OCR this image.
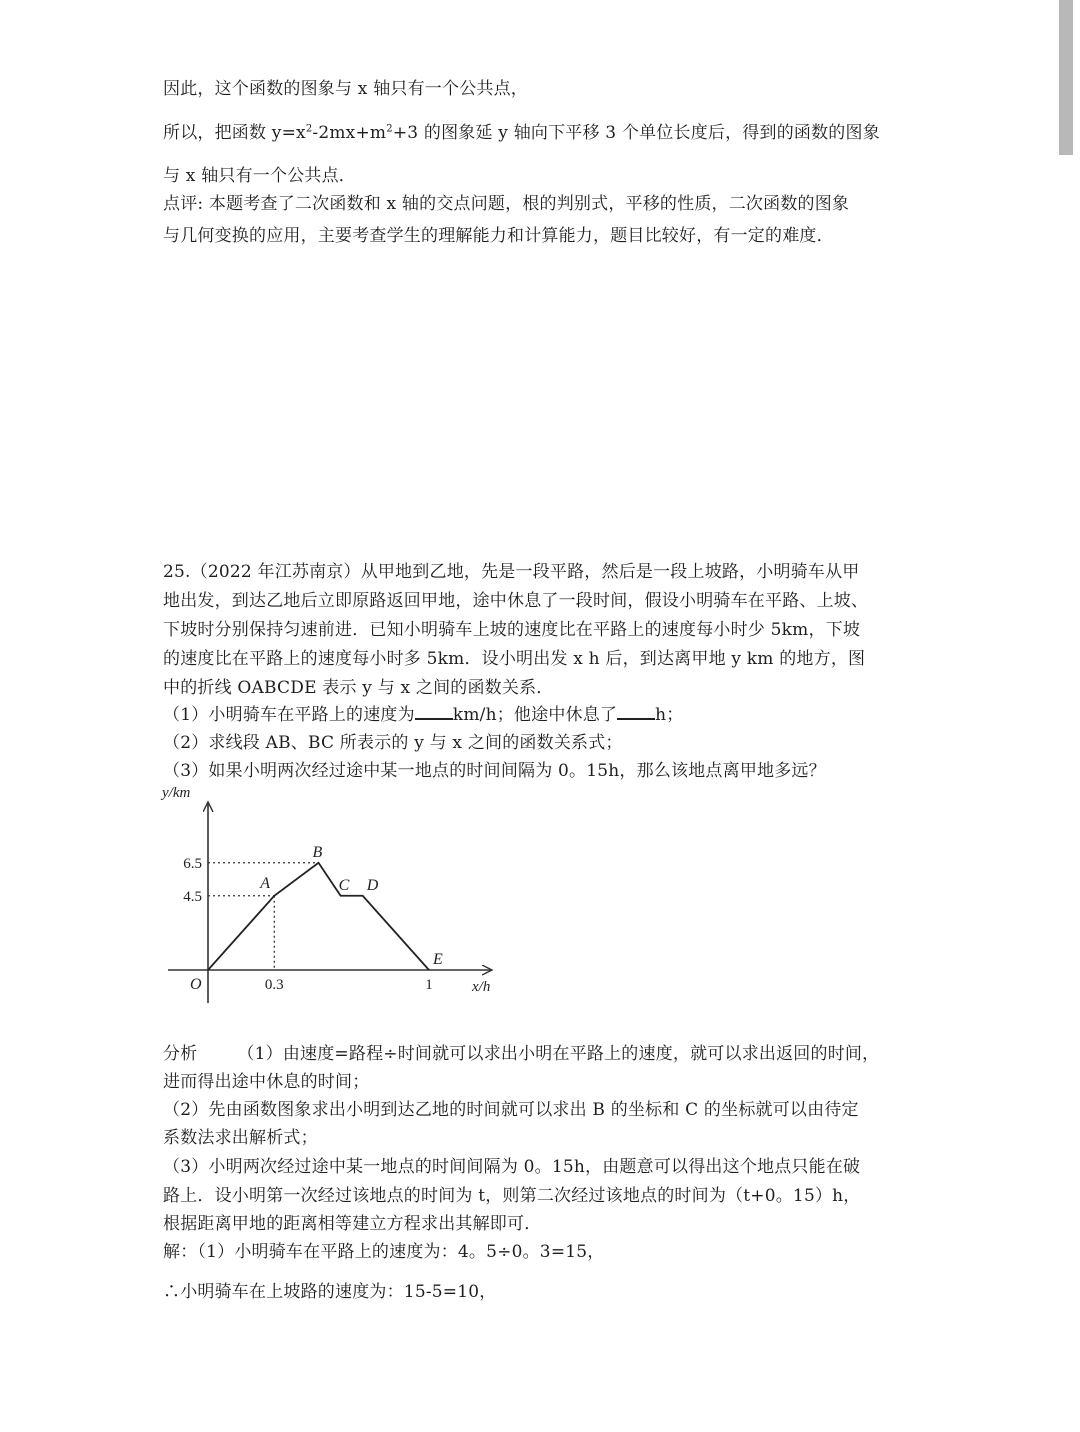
因此，这个函数的图象与 x 轴只有一个公共点，
所以，把函数 $y=x^2-2mx+m^2+3$ 的图象延 y 轴向下平移 3 个单位长度后，得到的函数的图象
与 x 轴只有一个公共点．
点评: 本题考查了二次函数和 x 轴的交点问题，根的判别式，平移的性质，二次函数的图象
与几何变换的应用，主要考查学生的理解能力和计算能力，题目比较好，有一定的难度．
25.（2022 年江苏南京）从甲地到乙地，先是一段平路，然后是一段上坡路，小明骑车从甲
地出发，到达乙地后立即原路返回甲地，途中休息了一段时间，假设小明骑车在平路、上坡、
下坡时分别保持匀速前进．已知小明骑车上坡的速度比在平路上的速度每小时少 5km，下坡
的速度比在平路上的速度每小时多 5km．设小明出发 x h 后，到达离甲地 y km 的地方，图
中的折线 OABCDE 表示 y 与 x 之间的函数关系．
（1）小明骑车在平路上的速度为 km/h；他途中休息了 h；
（2）求线段 AB、BC 所表示的 y 与 x 之间的函数关系式；
（3）如果小明两次经过途中某一地点的时间间隔为 0。15h，那么该地点离甲地多远？
A
B
C D
E
0.3	1
4.5
6.5
y/km
x/h
O
分析 （1）由速度=路程÷时间就可以求出小明在平路上的速度，就可以求出返回的时间，
进而得出途中休息的时间；
（2）先由函数图象求出小明到达乙地的时间就可以求出 B 的坐标和 C 的坐标就可以由待定
系数法求出解析式；
（3）小明两次经过途中某一地点的时间间隔为 0。15h，由题意可以得出这个地点只能在破
路上．设小明第一次经过该地点的时间为 t，则第二次经过该地点的时间为（t+0。15）h，
根据距离甲地的距离相等建立方程求出其解即可．
解：（1）小明骑车在平路上的速度为：4。5÷0。3=15，
∴小明骑车在上坡路的速度为：15-5=10，
